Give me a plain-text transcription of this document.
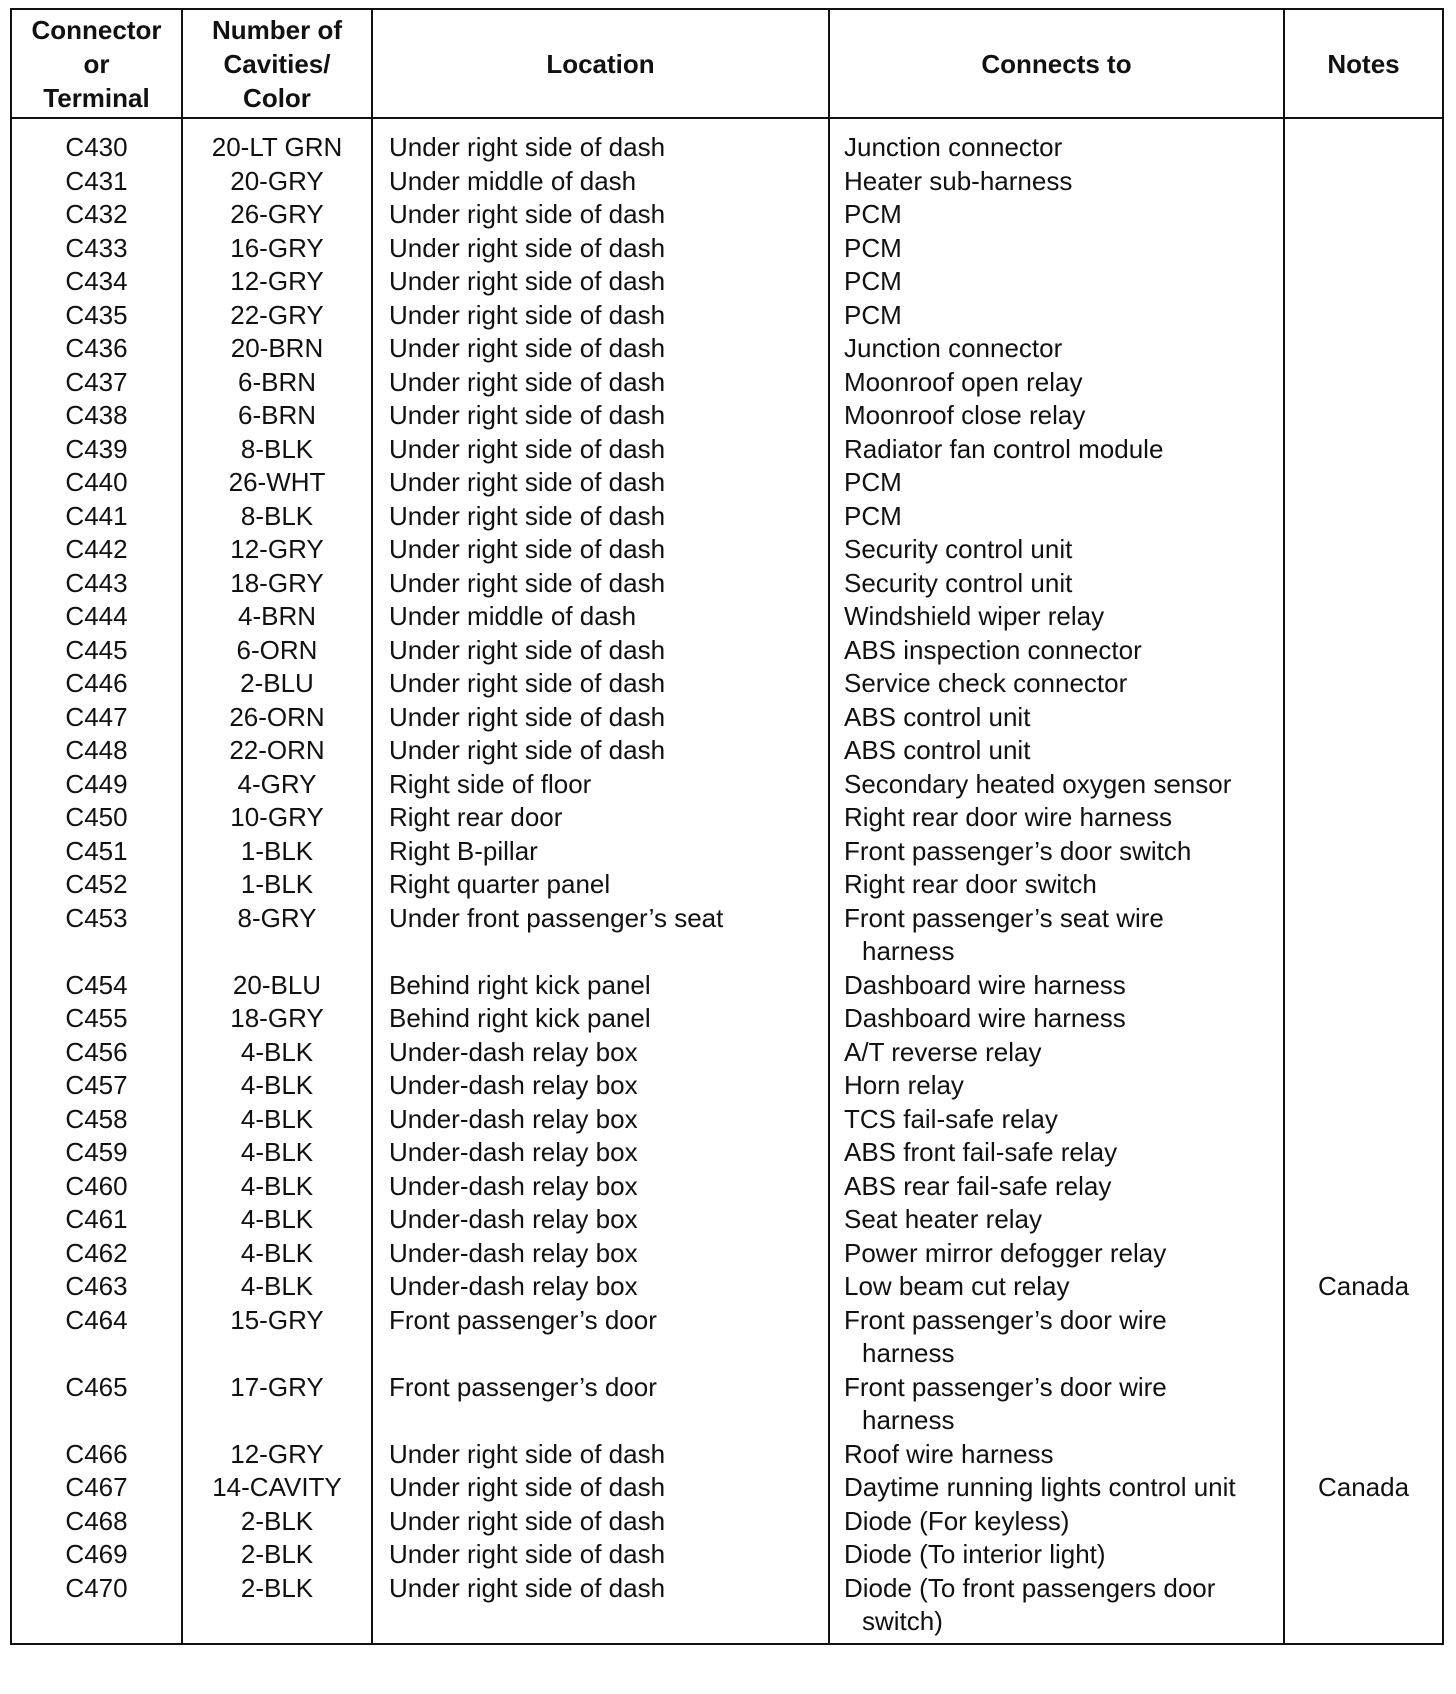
Connector
or
Terminal	Number of
Cavities/
Color	Location	Connects to	Notes
C430	20-LT GRN	Under right side of dash	Junction connector	
C431	20-GRY	Under middle of dash	Heater sub-harness	
C432	26-GRY	Under right side of dash	PCM	
C433	16-GRY	Under right side of dash	PCM	
C434	12-GRY	Under right side of dash	PCM	
C435	22-GRY	Under right side of dash	PCM	
C436	20-BRN	Under right side of dash	Junction connector	
C437	6-BRN	Under right side of dash	Moonroof open relay	
C438	6-BRN	Under right side of dash	Moonroof close relay	
C439	8-BLK	Under right side of dash	Radiator fan control module	
C440	26-WHT	Under right side of dash	PCM	
C441	8-BLK	Under right side of dash	PCM	
C442	12-GRY	Under right side of dash	Security control unit	
C443	18-GRY	Under right side of dash	Security control unit	
C444	4-BRN	Under middle of dash	Windshield wiper relay	
C445	6-ORN	Under right side of dash	ABS inspection connector	
C446	2-BLU	Under right side of dash	Service check connector	
C447	26-ORN	Under right side of dash	ABS control unit	
C448	22-ORN	Under right side of dash	ABS control unit	
C449	4-GRY	Right side of floor	Secondary heated oxygen sensor	
C450	10-GRY	Right rear door	Right rear door wire harness	
C451	1-BLK	Right B-pillar	Front passenger’s door switch	
C452	1-BLK	Right quarter panel	Right rear door switch	
C453	8-GRY	Under front passenger’s seat	Front passenger’s seat wire
harness	

C454	20-BLU	Behind right kick panel	Dashboard wire harness	
C455	18-GRY	Behind right kick panel	Dashboard wire harness	
C456	4-BLK	Under-dash relay box	A/T reverse relay	
C457	4-BLK	Under-dash relay box	Horn relay	
C458	4-BLK	Under-dash relay box	TCS fail-safe relay	
C459	4-BLK	Under-dash relay box	ABS front fail-safe relay	
C460	4-BLK	Under-dash relay box	ABS rear fail-safe relay	
C461	4-BLK	Under-dash relay box	Seat heater relay	
C462	4-BLK	Under-dash relay box	Power mirror defogger relay	
C463	4-BLK	Under-dash relay box	Low beam cut relay	Canada
C464	15-GRY	Front passenger’s door	Front passenger’s door wire
harness	

C465	17-GRY	Front passenger’s door	Front passenger’s door wire
harness	

C466	12-GRY	Under right side of dash	Roof wire harness	
C467	14-CAVITY	Under right side of dash	Daytime running lights control unit	Canada
C468	2-BLK	Under right side of dash	Diode (For keyless)	
C469	2-BLK	Under right side of dash	Diode (To interior light)	
C470	2-BLK	Under right side of dash	Diode (To front passengers door
switch)	
